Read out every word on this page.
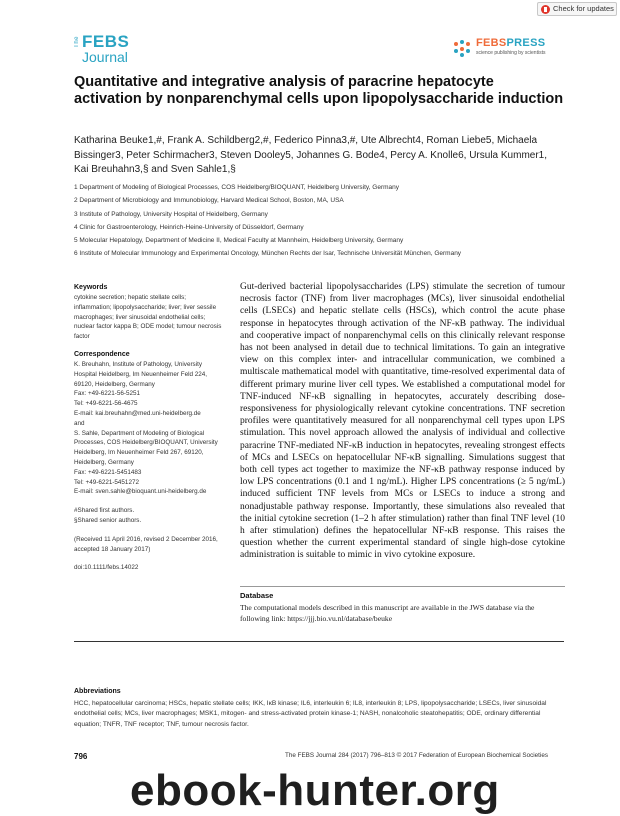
Check for updates
The FEBS
Journal
FEBSPRESS
science publishing by scientists
Quantitative and integrative analysis of paracrine hepatocyte activation by nonparenchymal cells upon lipopolysaccharide induction

Katharina Beuke1,#, Frank A. Schildberg2,#, Federico Pinna3,#, Ute Albrecht4, Roman Liebe5, Michaela Bissinger3, Peter Schirmacher3, Steven Dooley5, Johannes G. Bode4, Percy A. Knolle6, Ursula Kummer1, Kai Breuhahn3,§ and Sven Sahle1,§

1 Department of Modeling of Biological Processes, COS Heidelberg/BIOQUANT, Heidelberg University, Germany
2 Department of Microbiology and Immunobiology, Harvard Medical School, Boston, MA, USA
3 Institute of Pathology, University Hospital of Heidelberg, Germany
4 Clinic for Gastroenterology, Heinrich-Heine-University of Düsseldorf, Germany
5 Molecular Hepatology, Department of Medicine II, Medical Faculty at Mannheim, Heidelberg University, Germany
6 Institute of Molecular Immunology and Experimental Oncology, München Rechts der Isar, Technische Universität München, Germany

Keywords

cytokine secretion; hepatic stellate cells; inflammation; lipopolysaccharide; liver; liver sessile macrophages; liver sinusoidal endothelial cells; nuclear factor kappa B; ODE model; tumour necrosis factor

Correspondence

K. Breuhahn, Institute of Pathology, University Hospital Heidelberg, Im Neuenheimer Feld 224, 69120, Heidelberg, Germany

Fax: +49-6221-56-5251

Tel: +49-6221-56-4675

E-mail: kai.breuhahn@med.uni-heidelberg.de

and

S. Sahle, Department of Modeling of Biological Processes, COS Heidelberg/BIOQUANT, University Heidelberg, Im Neuenheimer Feld 267, 69120, Heidelberg, Germany

Fax: +49-6221-5451483

Tel: +49-6221-5451272

E-mail: sven.sahle@bioquant.uni-heidelberg.de

#Shared first authors.

§Shared senior authors.

(Received 11 April 2016, revised 2 December 2016, accepted 18 January 2017)

doi:10.1111/febs.14022

Gut-derived bacterial lipopolysaccharides (LPS) stimulate the secretion of tumour necrosis factor (TNF) from liver macrophages (MCs), liver sinusoidal endothelial cells (LSECs) and hepatic stellate cells (HSCs), which control the acute phase response in hepatocytes through activation of the NF-κB pathway. The individual and cooperative impact of nonparenchymal cells on this clinically relevant response has not been analysed in detail due to technical limitations. To gain an integrative view on this complex inter- and intracellular communication, we combined a multiscale mathematical model with quantitative, time-resolved experimental data of different primary murine liver cell types. We established a computational model for TNF-induced NF-κB signalling in hepatocytes, accurately describing dose-responsiveness for physiologically relevant cytokine concentrations. TNF secretion profiles were quantitatively measured for all nonparenchymal cell types upon LPS stimulation. This novel approach allowed the analysis of individual and collective paracrine TNF-mediated NF-κB induction in hepatocytes, revealing strongest effects of MCs and LSECs on hepatocellular NF-κB signalling. Simulations suggest that both cell types act together to maximize the NF-κB pathway response induced by low LPS concentrations (0.1 and 1 ng/mL). Higher LPS concentrations (≥ 5 ng/mL) induced sufficient TNF levels from MCs or LSECs to induce a strong and nonadjustable pathway response. Importantly, these simulations also revealed that the initial cytokine secretion (1–2 h after stimulation) rather than final TNF level (10 h after stimulation) defines the hepatocellular NF-κB response. This raises the question whether the current experimental standard of single high-dose cytokine administration is suitable to mimic in vivo cytokine exposure.

Database

The computational models described in this manuscript are available in the JWS database via the following link: https://jjj.bio.vu.nl/database/beuke

Abbreviations

HCC, hepatocellular carcinoma; HSCs, hepatic stellate cells; IKK, IκB kinase; IL6, interleukin 6; IL8, interleukin 8; LPS, lipopolysaccharide; LSECs, liver sinusoidal endothelial cells; MCs, liver macrophages; MSK1, mitogen- and stress-activated protein kinase-1; NASH, nonalcoholic steatohepatitis; ODE, ordinary differential equation; TNFR, TNF receptor; TNF, tumour necrosis factor.

796	The FEBS Journal 284 (2017) 796–813 © 2017 Federation of European Biochemical Societies
ebook-hunter.org
